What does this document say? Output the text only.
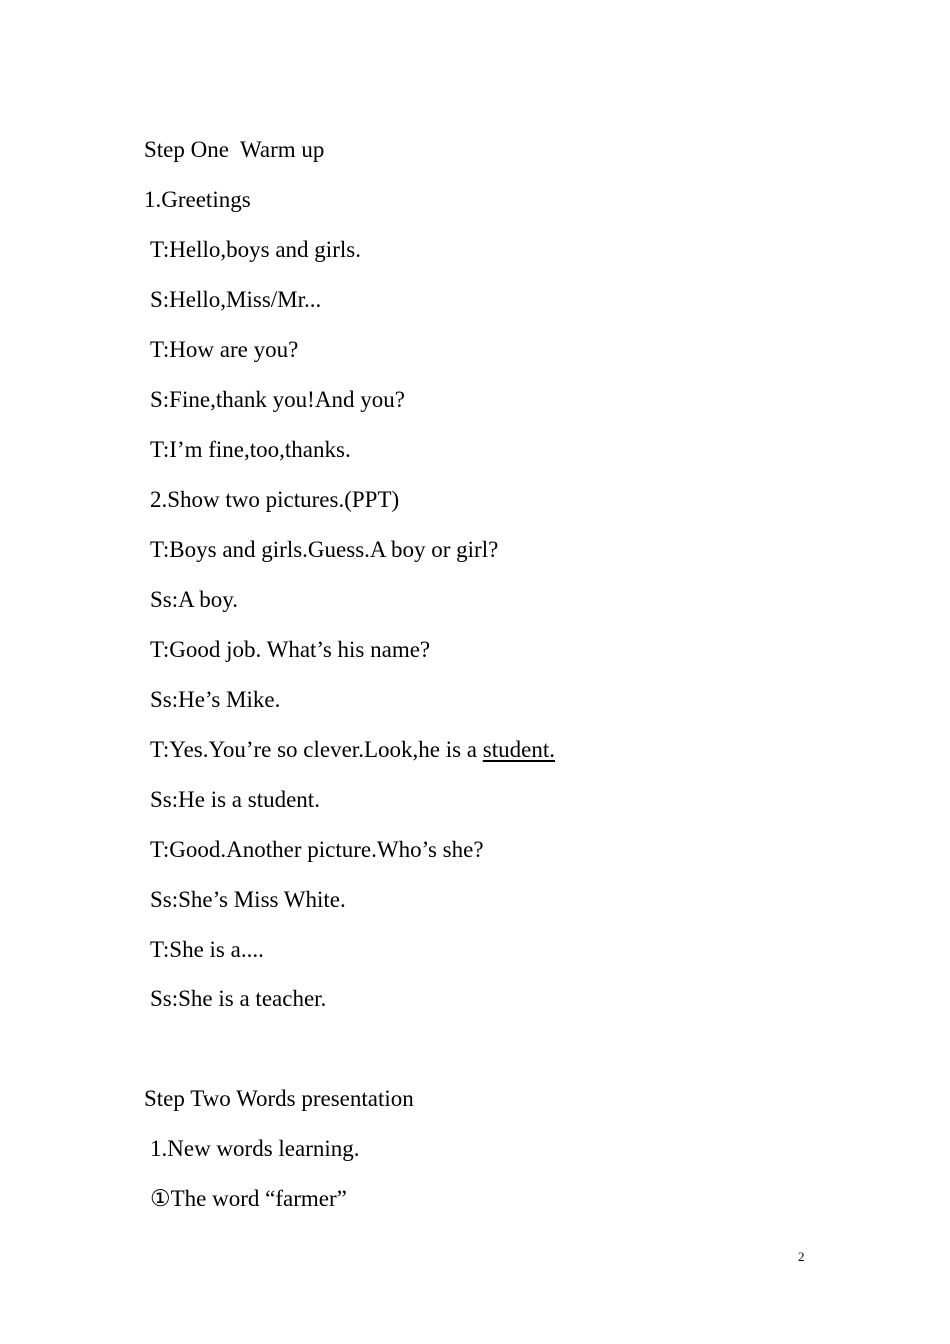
Step One  Warm up
1.Greetings
T:Hello,boys and girls.
S:Hello,Miss/Mr...
T:How are you?
S:Fine,thank you!And you?
T:I’m fine,too,thanks.
2.Show two pictures.(PPT)
T:Boys and girls.Guess.A boy or girl?
Ss:A boy.
T:Good job. What’s his name?
Ss:He’s Mike.
T:Yes.You’re so clever.Look,he is a student.
Ss:He is a student.
T:Good.Another picture.Who’s she?
Ss:She’s Miss White.
T:She is a....
Ss:She is a teacher.
Step Two Words presentation
1.New words learning.
①The word “farmer”
2
